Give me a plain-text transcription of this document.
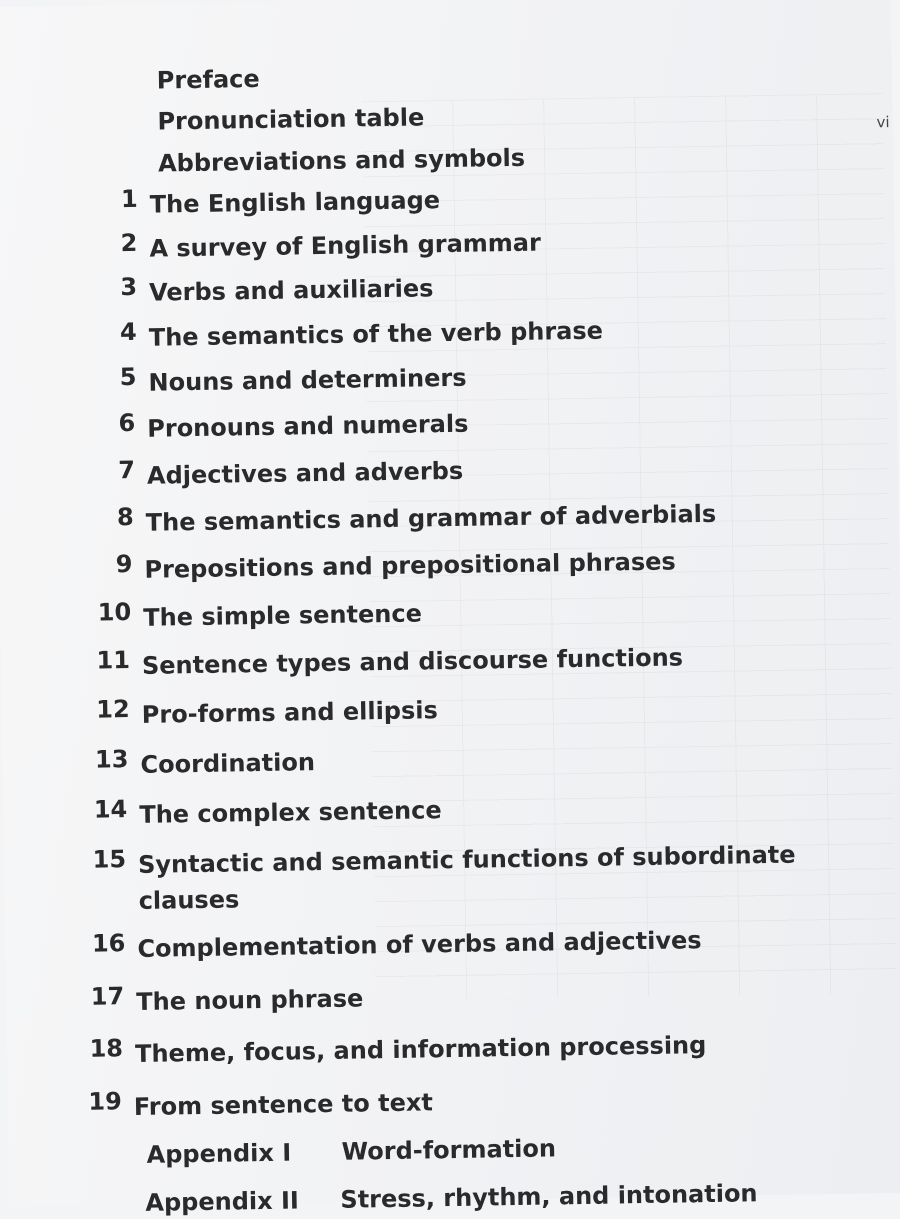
vi
Preface
Pronunciation table
Abbreviations and symbols
1 The English language
2 A survey of English grammar
3 Verbs and auxiliaries
4 The semantics of the verb phrase
5 Nouns and determiners
6 Pronouns and numerals
7 Adjectives and adverbs
8 The semantics and grammar of adverbials
9 Prepositions and prepositional phrases
10 The simple sentence
11 Sentence types and discourse functions
12 Pro-forms and ellipsis
13 Coordination
14 The complex sentence
15 Syntactic and semantic functions of subordinate clauses
16 Complementation of verbs and adjectives
17 The noun phrase
18 Theme, focus, and information processing
19 From sentence to text
Appendix I Word-formation
Appendix II Stress, rhythm, and intonation
